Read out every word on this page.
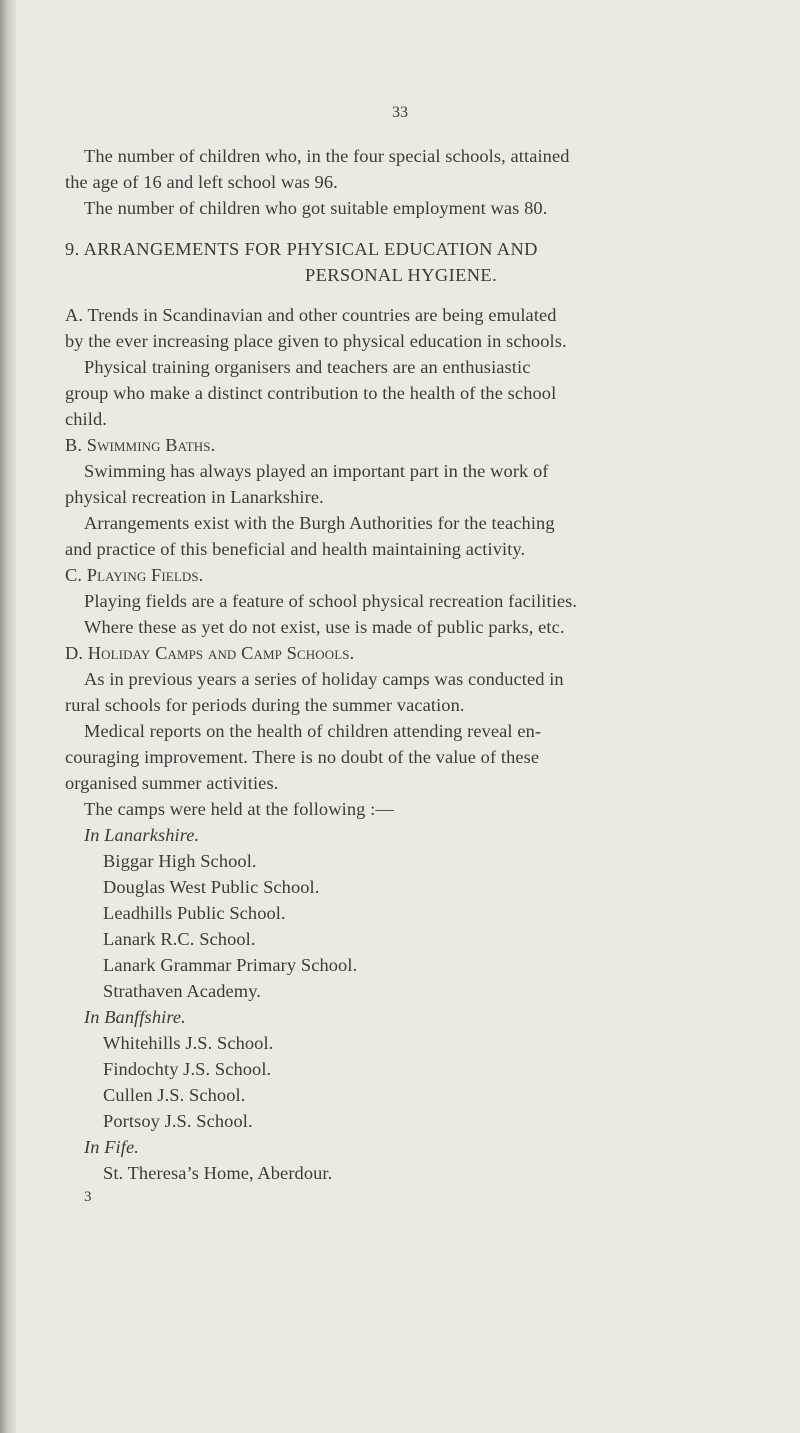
33
The number of children who, in the four special schools, attained
the age of 16 and left school was 96.
The number of children who got suitable employment was 80.
9. ARRANGEMENTS FOR PHYSICAL EDUCATION AND
PERSONAL HYGIENE.
A. Trends in Scandinavian and other countries are being emulated
by the ever increasing place given to physical education in schools.
Physical training organisers and teachers are an enthusiastic
group who make a distinct contribution to the health of the school
child.
B. Swimming Baths.
Swimming has always played an important part in the work of
physical recreation in Lanarkshire.
Arrangements exist with the Burgh Authorities for the teaching
and practice of this beneficial and health maintaining activity.
C. Playing Fields.
Playing fields are a feature of school physical recreation facilities.
Where these as yet do not exist, use is made of public parks, etc.
D. Holiday Camps and Camp Schools.
As in previous years a series of holiday camps was conducted in
rural schools for periods during the summer vacation.
Medical reports on the health of children attending reveal en-
couraging improvement. There is no doubt of the value of these
organised summer activities.
The camps were held at the following :—
In Lanarkshire.
Biggar High School.
Douglas West Public School.
Leadhills Public School.
Lanark R.C. School.
Lanark Grammar Primary School.
Strathaven Academy.
In Banffshire.
Whitehills J.S. School.
Findochty J.S. School.
Cullen J.S. School.
Portsoy J.S. School.
In Fife.
St. Theresa’s Home, Aberdour.
3
